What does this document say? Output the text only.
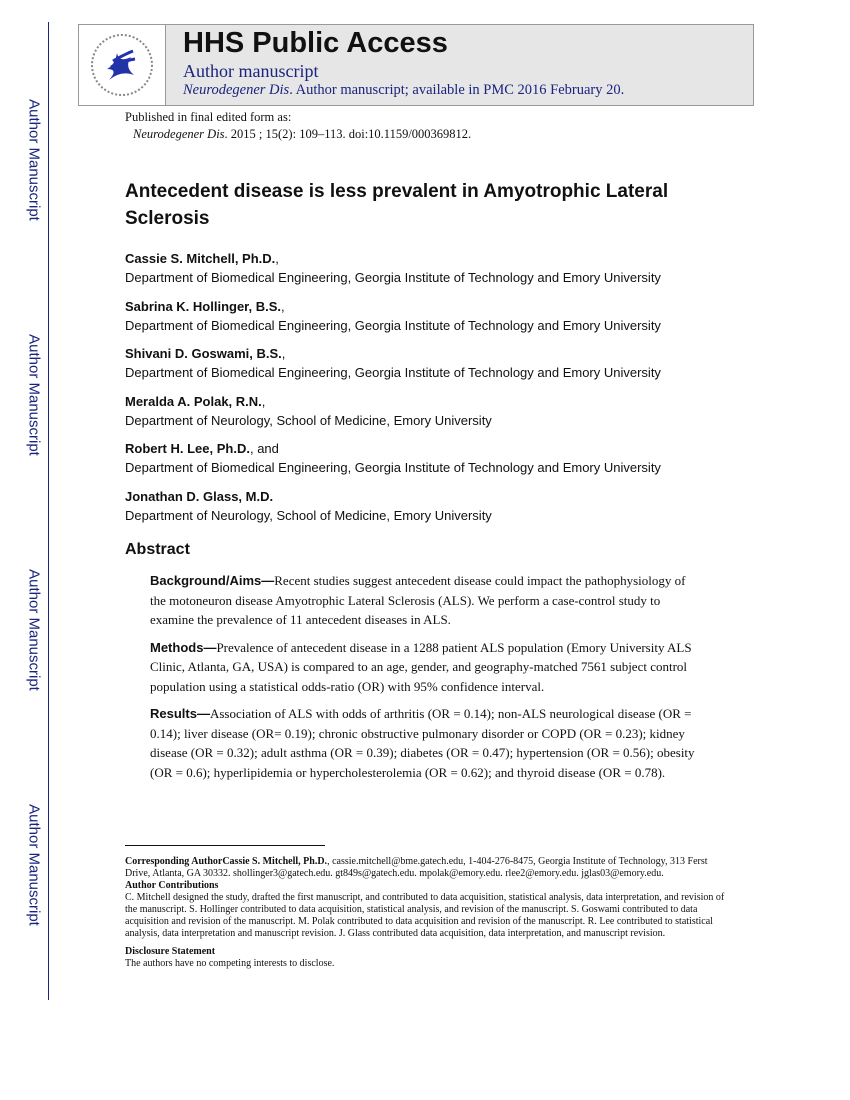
Author Manuscript
Author Manuscript
Author Manuscript
Author Manuscript
HHS Public Access
Author manuscript
Neurodegener Dis. Author manuscript; available in PMC 2016 February 20.
Published in final edited form as:
Neurodegener Dis. 2015 ; 15(2): 109–113. doi:10.1159/000369812.
Antecedent disease is less prevalent in Amyotrophic Lateral Sclerosis
Cassie S. Mitchell, Ph.D.,
Department of Biomedical Engineering, Georgia Institute of Technology and Emory University
Sabrina K. Hollinger, B.S.,
Department of Biomedical Engineering, Georgia Institute of Technology and Emory University
Shivani D. Goswami, B.S.,
Department of Biomedical Engineering, Georgia Institute of Technology and Emory University
Meralda A. Polak, R.N.,
Department of Neurology, School of Medicine, Emory University
Robert H. Lee, Ph.D., and
Department of Biomedical Engineering, Georgia Institute of Technology and Emory University
Jonathan D. Glass, M.D.
Department of Neurology, School of Medicine, Emory University
Abstract

Background/Aims—Recent studies suggest antecedent disease could impact the pathophysiology of the motoneuron disease Amyotrophic Lateral Sclerosis (ALS). We perform a case-control study to examine the prevalence of 11 antecedent diseases in ALS.

Methods—Prevalence of antecedent disease in a 1288 patient ALS population (Emory University ALS Clinic, Atlanta, GA, USA) is compared to an age, gender, and geography-matched 7561 subject control population using a statistical odds-ratio (OR) with 95% confidence interval.

Results—Association of ALS with odds of arthritis (OR = 0.14); non-ALS neurological disease (OR = 0.14); liver disease (OR= 0.19); chronic obstructive pulmonary disorder or COPD (OR = 0.23); kidney disease (OR = 0.32); adult asthma (OR = 0.39); diabetes (OR = 0.47); hypertension (OR = 0.56); obesity (OR = 0.6); hyperlipidemia or hypercholesterolemia (OR = 0.62); and thyroid disease (OR = 0.78).

Corresponding AuthorCassie S. Mitchell, Ph.D., cassie.mitchell@bme.gatech.edu, 1-404-276-8475, Georgia Institute of Technology, 313 Ferst Drive, Atlanta, GA 30332. shollinger3@gatech.edu. gt849s@gatech.edu. mpolak@emory.edu. rlee2@emory.edu. jglas03@emory.edu.

Author Contributions

C. Mitchell designed the study, drafted the first manuscript, and contributed to data acquisition, statistical analysis, data interpretation, and revision of the manuscript. S. Hollinger contributed to data acquisition, statistical analysis, and revision of the manuscript. S. Goswami contributed to data acquisition and revision of the manuscript. M. Polak contributed to data acquisition and revision of the manuscript. R. Lee contributed to statistical analysis, data interpretation and manuscript revision. J. Glass contributed data acquisition, data interpretation, and manuscript revision.

Disclosure Statement

The authors have no competing interests to disclose.
